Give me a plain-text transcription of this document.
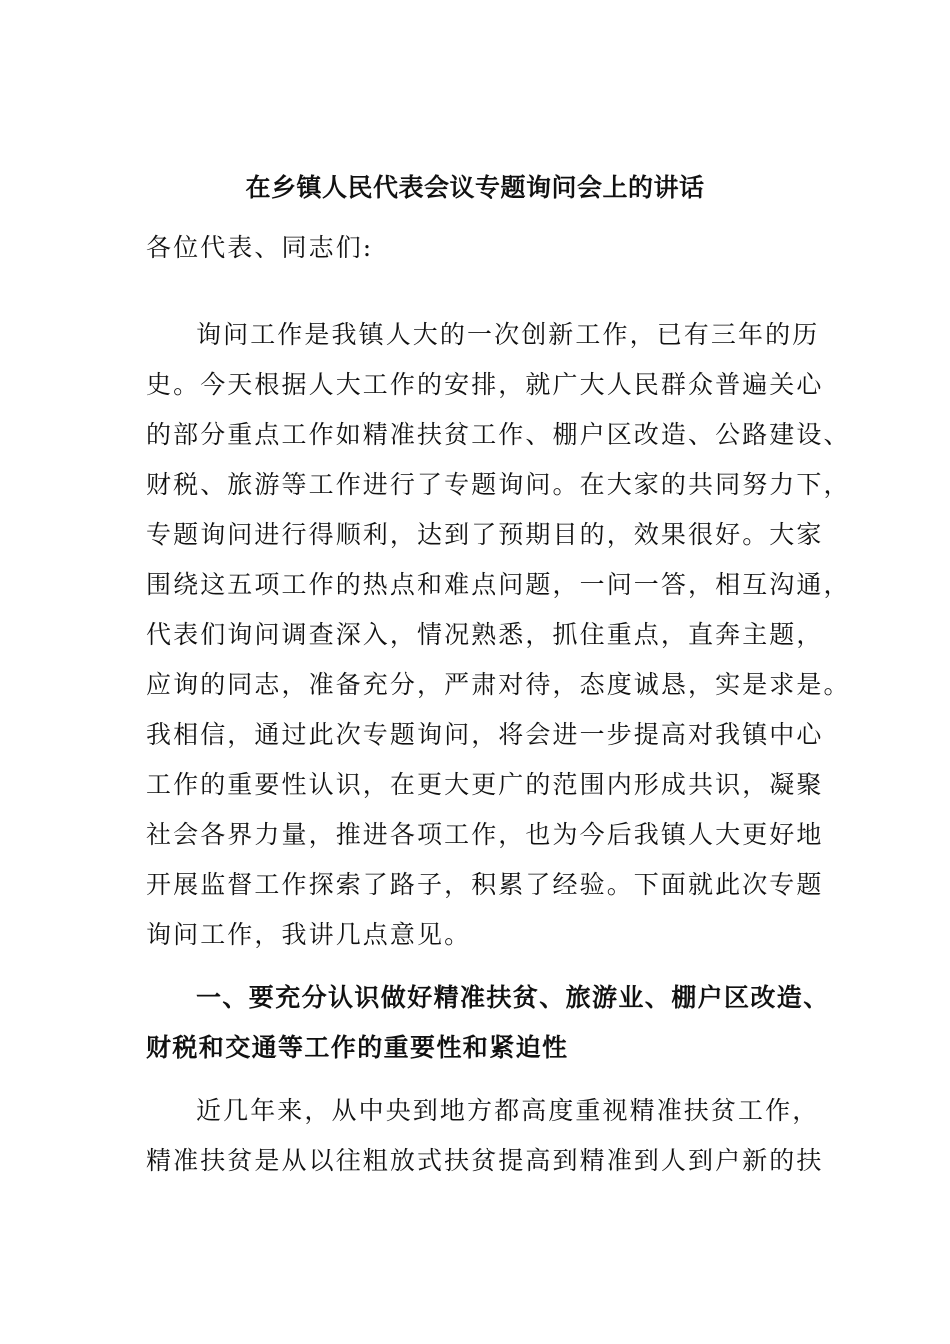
在乡镇人民代表会议专题询问会上的讲话
各位代表、同志们:
询问工作是我镇人大的一次创新工作，已有三年的历
史。今天根据人大工作的安排，就广大人民群众普遍关心
的部分重点工作如精准扶贫工作、棚户区改造、公路建设、
财税、旅游等工作进行了专题询问。在大家的共同努力下，
专题询问进行得顺利，达到了预期目的，效果很好。大家
围绕这五项工作的热点和难点问题，一问一答，相互沟通，
代表们询问调查深入，情况熟悉，抓住重点，直奔主题，
应询的同志，准备充分，严肃对待，态度诚恳，实是求是。
我相信，通过此次专题询问，将会进一步提高对我镇中心
工作的重要性认识，在更大更广的范围内形成共识，凝聚
社会各界力量，推进各项工作，也为今后我镇人大更好地
开展监督工作探索了路子，积累了经验。下面就此次专题
询问工作，我讲几点意见。
一、要充分认识做好精准扶贫、旅游业、棚户区改造、
财税和交通等工作的重要性和紧迫性
近几年来，从中央到地方都高度重视精准扶贫工作，
精准扶贫是从以往粗放式扶贫提高到精准到人到户新的扶
